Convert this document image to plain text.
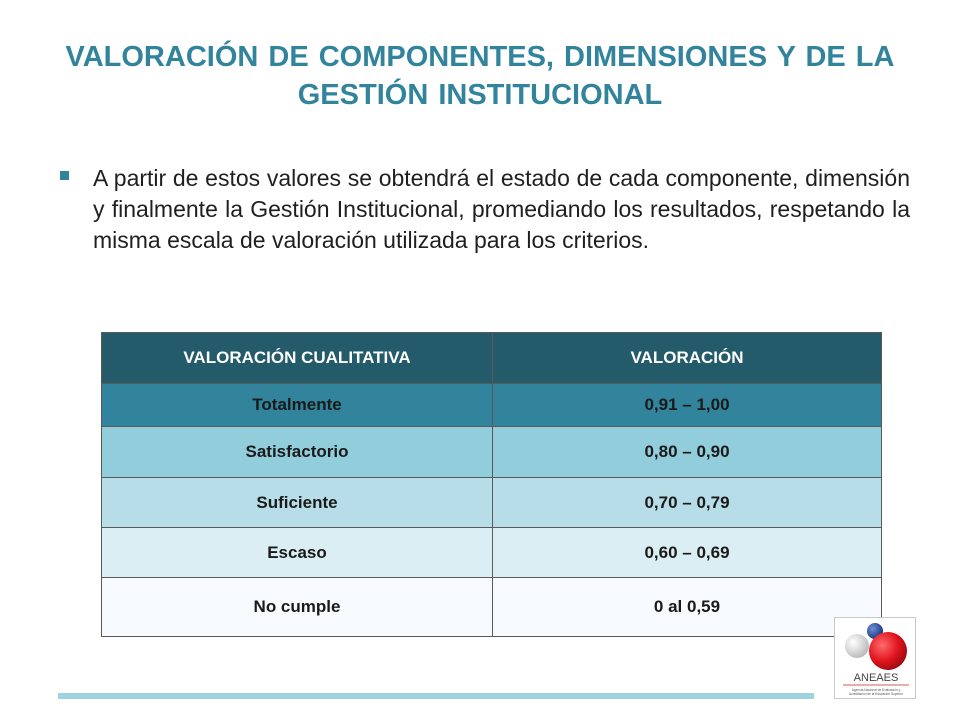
VALORACIÓN DE COMPONENTES, DIMENSIONES Y DE LA GESTIÓN INSTITUCIONAL

A partir de estos valores se obtendrá el estado de cada componente, dimensión y finalmente la Gestión Institucional, promediando los resultados, respetando la misma escala de valoración utilizada para los criterios.

VALORACIÓN CUALITATIVA	VALORACIÓN
Totalmente	0,91 – 1,00
Satisfactorio	0,80 – 0,90
Suficiente	0,70 – 0,79
Escaso	0,60 – 0,69
No cumple	0 al 0,59
ANEAES
Agencia Nacional de Evaluación y
Acreditación de la Educación Superior
